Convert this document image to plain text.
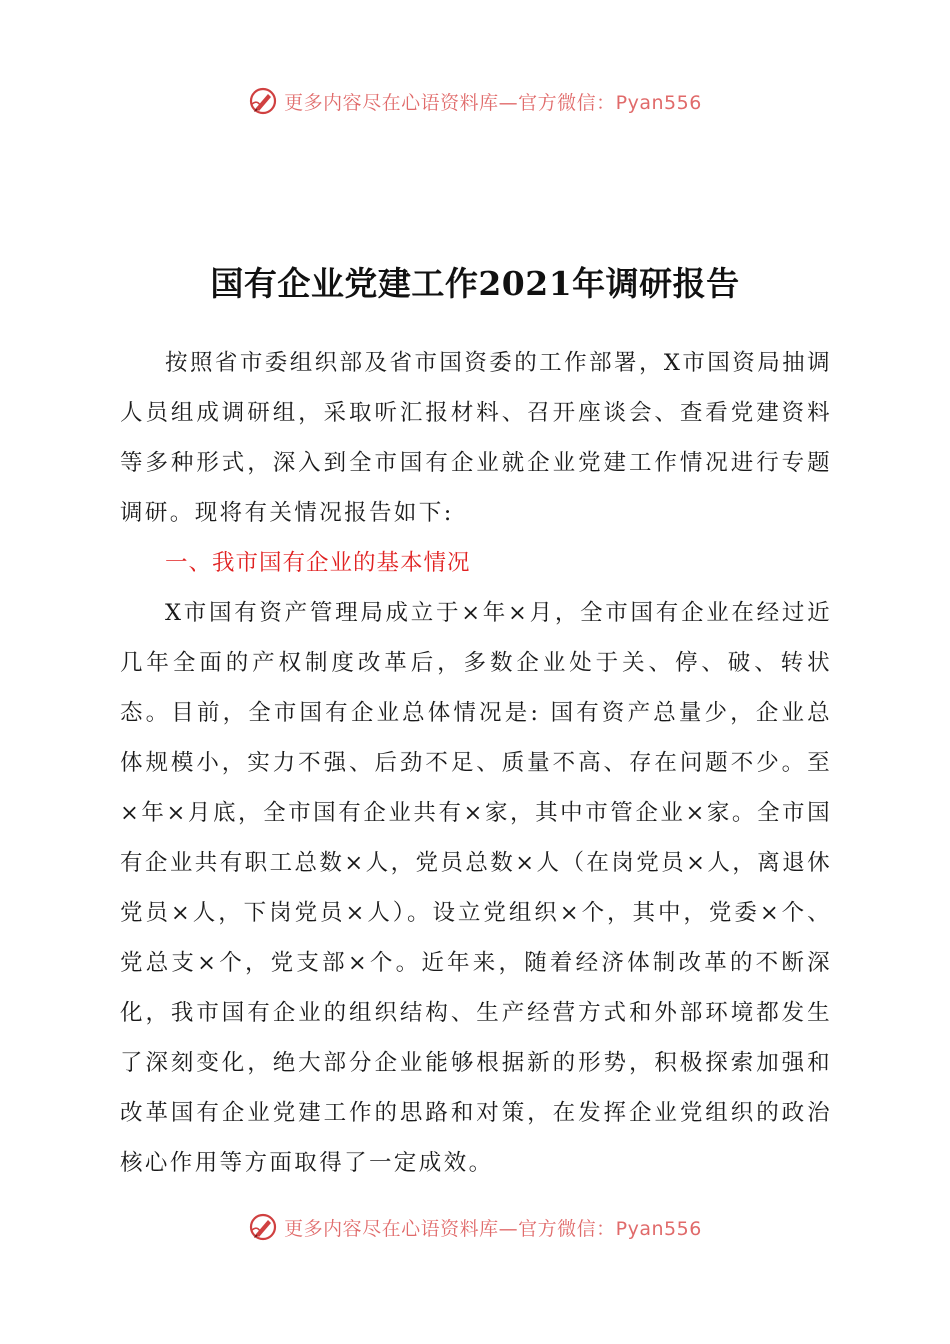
更多内容尽在心语资料库—官方微信：Pyan556
国有企业党建工作2021年调研报告

按照省市委组织部及省市国资委的工作部署，X市国资局抽调人员组成调研组，采取听汇报材料、召开座谈会、查看党建资料等多种形式，深入到全市国有企业就企业党建工作情况进行专题调研。现将有关情况报告如下:

一、我市国有企业的基本情况

X市国有资产管理局成立于×年×月，全市国有企业在经过近几年全面的产权制度改革后，多数企业处于关、停、破、转状态。目前，全市国有企业总体情况是: 国有资产总量少，企业总体规模小，实力不强、后劲不足、质量不高、存在问题不少。至×年×月底，全市国有企业共有×家，其中市管企业×家。全市国有企业共有职工总数×人，党员总数×人（在岗党员×人，离退休党员×人，下岗党员×人）。设立党组织×个，其中，党委×个、党总支×个，党支部×个。近年来，随着经济体制改革的不断深化，我市国有企业的组织结构、生产经营方式和外部环境都发生了深刻变化，绝大部分企业能够根据新的形势，积极探索加强和改革国有企业党建工作的思路和对策，在发挥企业党组织的政治核心作用等方面取得了一定成效。

更多内容尽在心语资料库—官方微信：Pyan556
